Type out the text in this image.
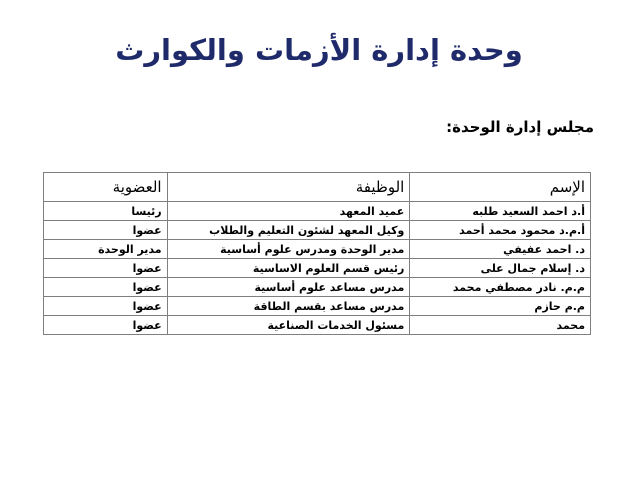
وحدة إدارة الأزمات والكوارث
مجلس إدارة الوحدة:
الإسم	الوظيفة	العضوية
أ.د احمد السعيد طلبه	عميد المعهد	رئيسا
أ.م.د محمود محمد أحمد	وكيل المعهد لشئون التعليم والطلاب	عضوا
د. احمد عفيفي	مدير الوحدة ومدرس علوم أساسية	مدير الوحدة
د. إسلام جمال على	رئيس قسم العلوم الاساسية	عضوا
م.م. نادر مصطفي محمد	مدرس مساعد علوم أساسية	عضوا
م.م حازم	مدرس مساعد بقسم الطاقة	عضوا
محمد	مسئول الخدمات الصناعية	عضوا
